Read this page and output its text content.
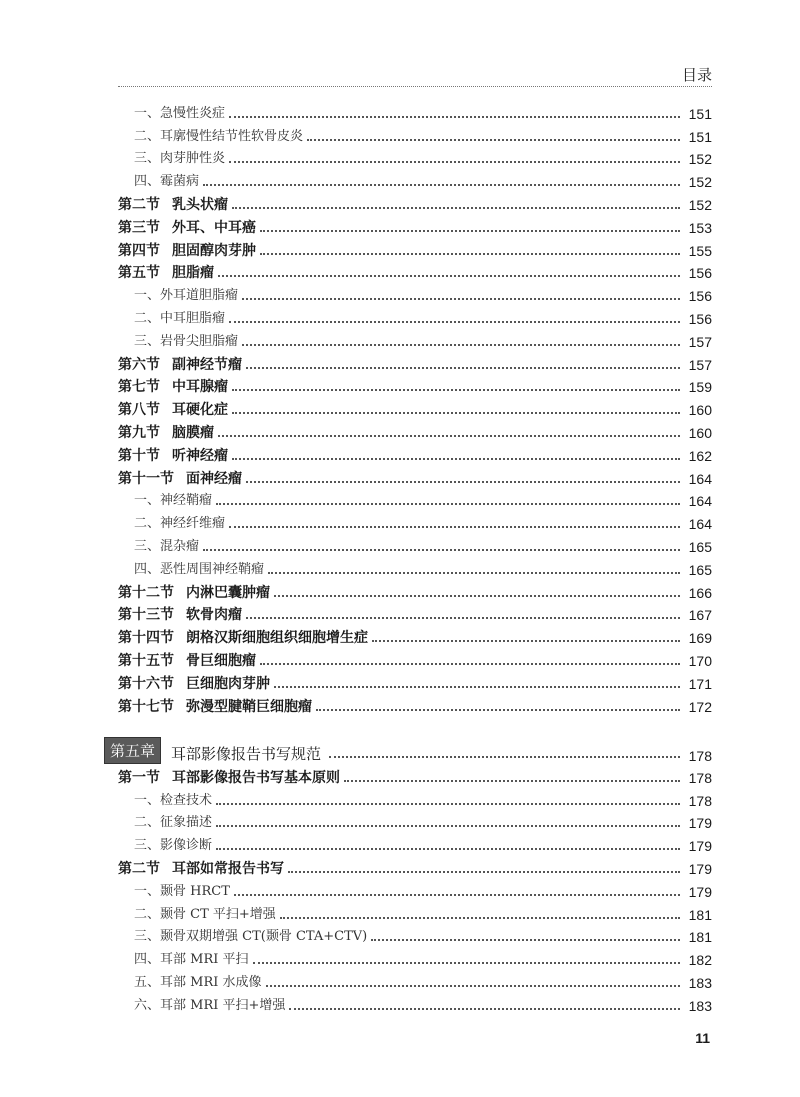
目录
一、急慢性炎症	151
二、耳廓慢性结节性软骨皮炎	151
三、肉芽肿性炎	152
四、霉菌病	152
第二节 乳头状瘤	152
第三节 外耳、中耳癌	153
第四节 胆固醇肉芽肿	155
第五节 胆脂瘤	156
一、外耳道胆脂瘤	156
二、中耳胆脂瘤	156
三、岩骨尖胆脂瘤	157
第六节 副神经节瘤	157
第七节 中耳腺瘤	159
第八节 耳硬化症	160
第九节 脑膜瘤	160
第十节 听神经瘤	162
第十一节 面神经瘤	164
一、神经鞘瘤	164
二、神经纤维瘤	164
三、混杂瘤	165
四、恶性周围神经鞘瘤	165
第十二节 内淋巴囊肿瘤	166
第十三节 软骨肉瘤	167
第十四节 朗格汉斯细胞组织细胞增生症	169
第十五节 骨巨细胞瘤	170
第十六节 巨细胞肉芽肿	171
第十七节 弥漫型腱鞘巨细胞瘤	172
第五章	耳部影像报告书写规范	178
第一节 耳部影像报告书写基本原则	178
一、检查技术	178
二、征象描述	179
三、影像诊断	179
第二节 耳部如常报告书写	179
一、颞骨 HRCT	179
二、颞骨 CT 平扫+增强	181
三、颞骨双期增强 CT(颞骨 CTA+CTV)	181
四、耳部 MRI 平扫	182
五、耳部 MRI 水成像	183
六、耳部 MRI 平扫+增强	183
11
